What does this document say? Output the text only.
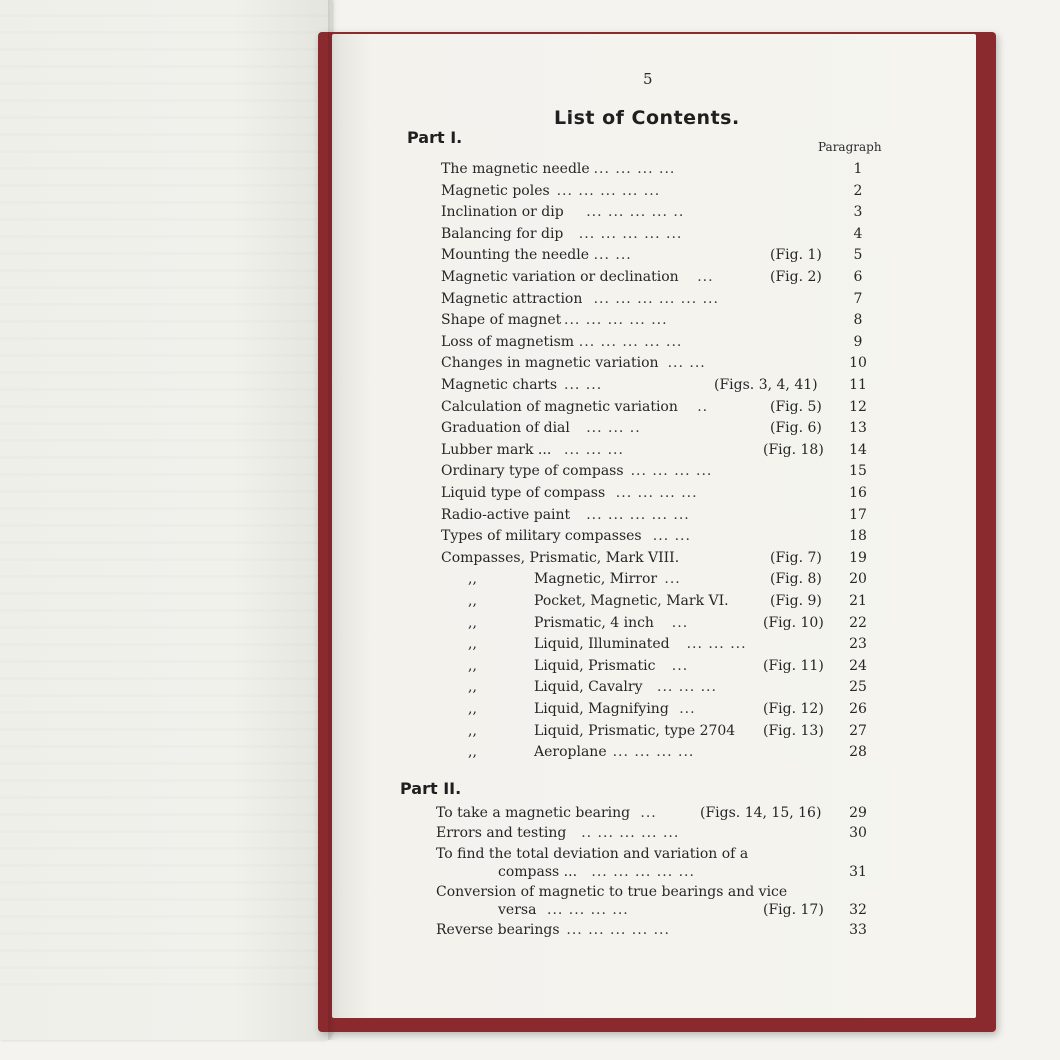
5
List of Contents.
Paragraph
Part I.
Part II.
The magnetic needle ... ... ... ...	1
Magnetic poles ... ... ... ... ...	2
Inclination or dip ... ... ... ... ..	3
Balancing for dip ... ... ... ... ...	4
Mounting the needle ... ...	(Fig. 1)	5
Magnetic variation or declination ...	(Fig. 2)	6
Magnetic attraction ... ... ... ... ... ...	7
Shape of magnet ... ... ... ... ...	8
Loss of magnetism ... ... ... ... ...	9
Changes in magnetic variation ... ...	10
Magnetic charts ... ...	(Figs. 3, 4, 41) 11
Calculation of magnetic variation ..	(Fig. 5) 12
Graduation of dial ... ... ..	(Fig. 6) 13
Lubber mark ... ... ... ...	(Fig. 18) 14
Ordinary type of compass ... ... ... ...	15
Liquid type of compass ... ... ... ...	16
Radio-active paint ... ... ... ... ...	17
Types of military compasses ... ...	18
Compasses, Prismatic, Mark VIII.	(Fig. 7) 19
,,	Magnetic, Mirror ...	(Fig. 8) 20
,,	Pocket, Magnetic, Mark VI.	(Fig. 9) 21
,,	Prismatic, 4 inch ...	(Fig. 10) 22
,,	Liquid, Illuminated ... ... ...	23
,,	Liquid, Prismatic ...	(Fig. 11) 24
,,	Liquid, Cavalry ... ... ...	25
,,	Liquid, Magnifying ...	(Fig. 12) 26
,,	Liquid, Prismatic, type 2704 (Fig. 13) 27
,,	Aeroplane ... ... ... ...	28
To take a magnetic bearing ...	(Figs. 14, 15, 16) 29
Errors and testing .. ... ... ... ...	30
To find the total deviation and variation of a
compass ... ... ... ... ... ...	31
Conversion of magnetic to true bearings and vice
versa ... ... ... ...	(Fig. 17) 32
Reverse bearings ... ... ... ... ...	33
